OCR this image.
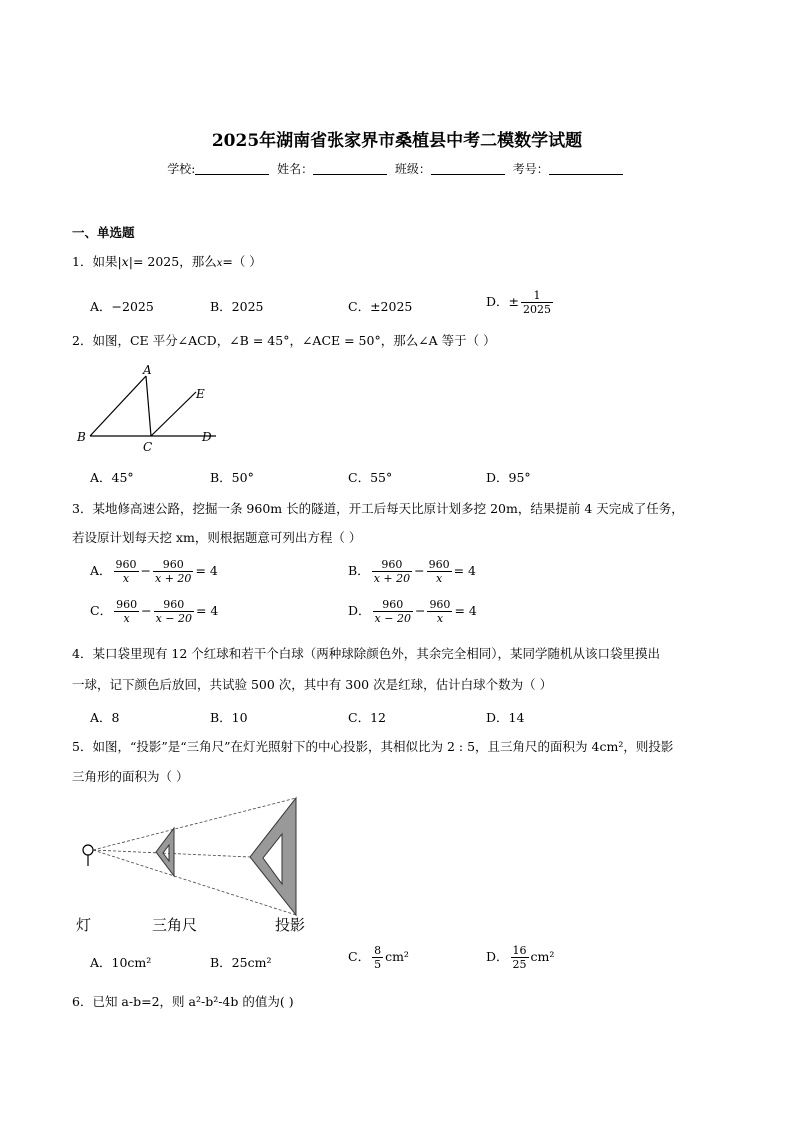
2025年湖南省张家界市桑植县中考二模数学试题
学校:	姓名：	班级：	考号：
一、单选题
1．如果|x|= 2025，那么x=（ ）
A．−2025	B．2025	C．±2025	D．± $\frac{1}{2025}$
2．如图，CE 平分∠ACD，∠B = 45°，∠ACE = 50°，那么∠A 等于（ ）
A
B
C
D
E
A．45°	B．50°	C．55°	D．95°
3．某地修高速公路，挖掘一条 960m 长的隧道，开工后每天比原计划多挖 20m，结果提前 4 天完成了任务，
若设原计划每天挖 xm，则根据题意可列出方程（ ）
A． $\frac{960}{x} - \frac{960}{x + 20} = 4$	B． $\frac{960}{x + 20} - \frac{960}{x} = 4$
C． $\frac{960}{x} - \frac{960}{x - 20} = 4$	D． $\frac{960}{x - 20} - \frac{960}{x} = 4$
4．某口袋里现有 12 个红球和若干个白球（两种球除颜色外，其余完全相同），某同学随机从该口袋里摸出
一球，记下颜色后放回，共试验 500 次，其中有 300 次是红球，估计白球个数为（ ）
A．8	B．10	C．12	D．14
5．如图，“投影”是“三角尺”在灯光照射下的中心投影，其相似比为 2 : 5，且三角尺的面积为 4cm²，则投影
三角形的面积为（ ）
灯	三角尺	投影
A．10cm²	B．25cm²	C． $\frac{8}{5} cm^2$	D． $\frac{16}{25} cm^2$
6．已知 a-b=2，则 a²-b²-4b 的值为( )
